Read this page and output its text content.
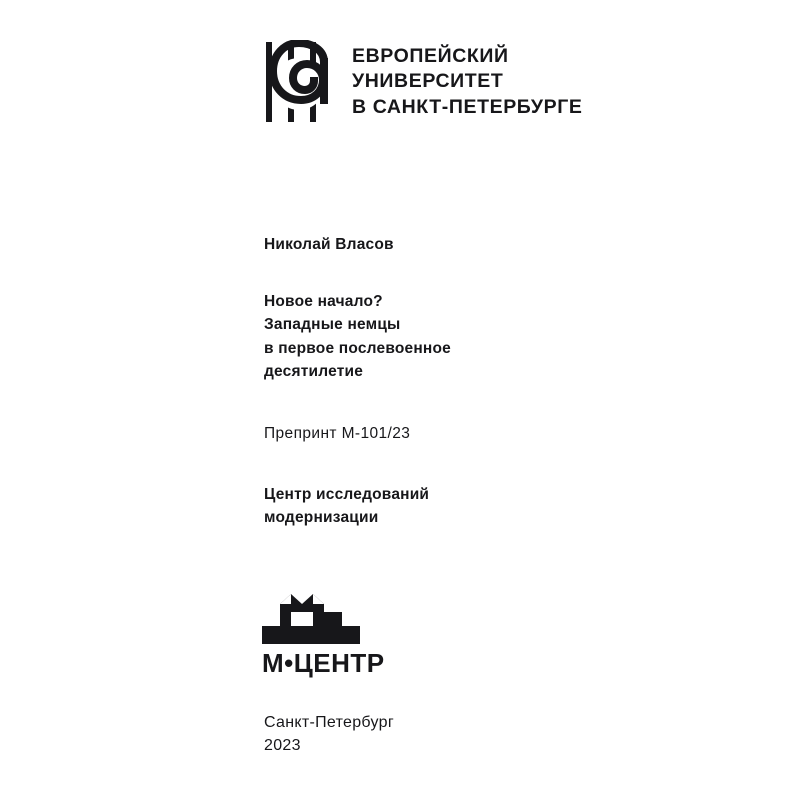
ЕВРОПЕЙСКИЙ
УНИВЕРСИТЕТ
В САНКТ-ПЕТЕРБУРГЕ

Николай Власов

Новое начало?
Западные немцы
в первое послевоенное
десятилетие

Препринт М-101/23

Центр исследований
модернизации
М•ЦЕНТР
Санкт-Петербург
2023
